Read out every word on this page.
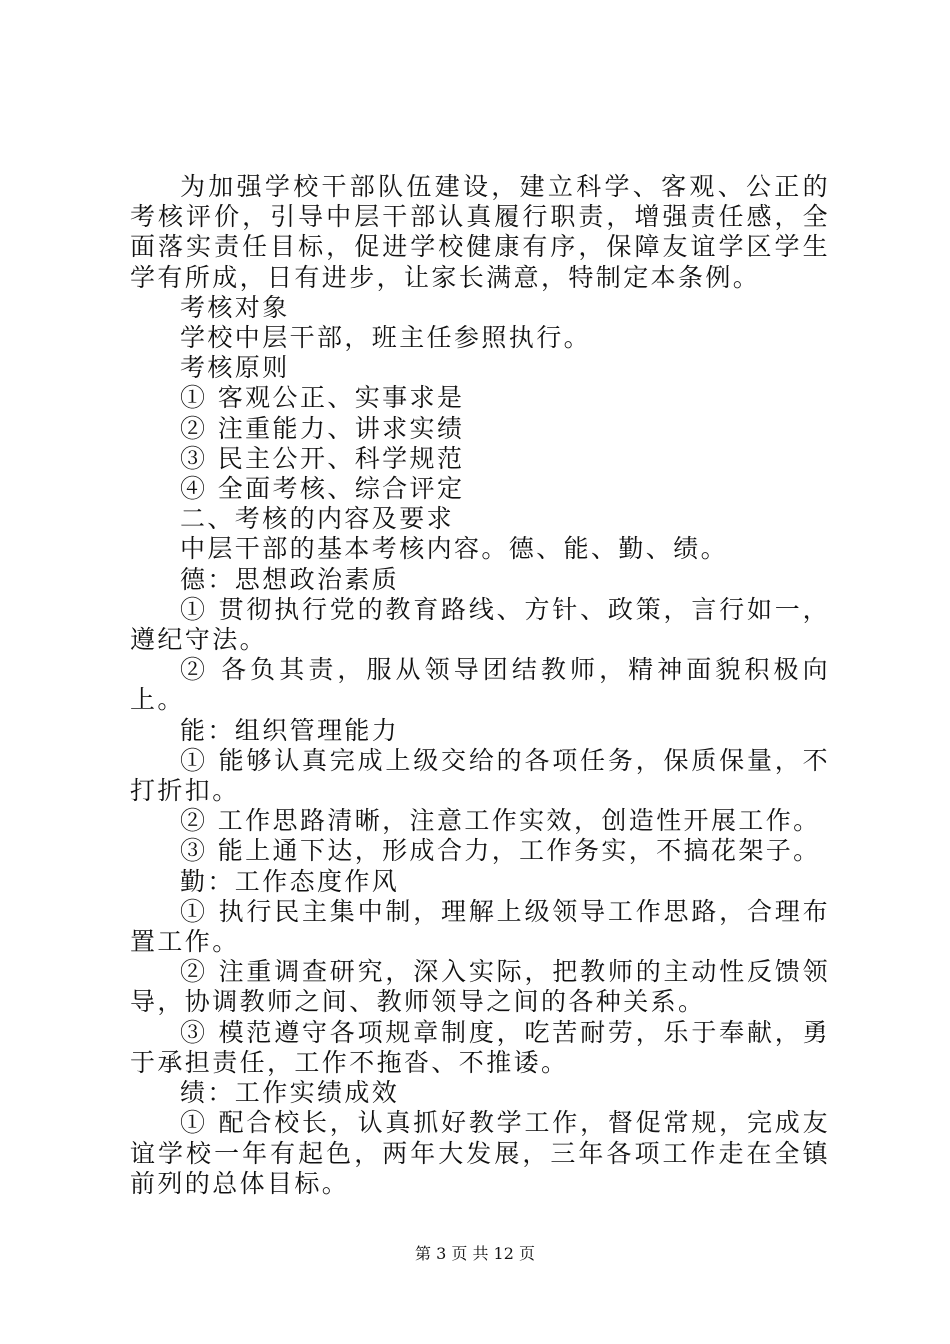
为加强学校干部队伍建设，建立科学、客观、公正的考核评价，引导中层干部认真履行职责，增强责任感，全面落实责任目标，促进学校健康有序，保障友谊学区学生学有所成，日有进步，让家长满意，特制定本条例。

考核对象

学校中层干部，班主任参照执行。

考核原则

① 客观公正、实事求是

② 注重能力、讲求实绩

③ 民主公开、科学规范

④ 全面考核、综合评定

二、考核的内容及要求

中层干部的基本考核内容。德、能、勤、绩。

德：思想政治素质

① 贯彻执行党的教育路线、方针、政策，言行如一，遵纪守法。

② 各负其责，服从领导团结教师，精神面貌积极向上。

能：组织管理能力

① 能够认真完成上级交给的各项任务，保质保量，不打折扣。

② 工作思路清晰，注意工作实效，创造性开展工作。

③ 能上通下达，形成合力，工作务实，不搞花架子。

勤：工作态度作风

① 执行民主集中制，理解上级领导工作思路，合理布置工作。

② 注重调查研究，深入实际，把教师的主动性反馈领导，协调教师之间、教师领导之间的各种关系。

③ 模范遵守各项规章制度，吃苦耐劳，乐于奉献，勇于承担责任，工作不拖沓、不推诿。

绩：工作实绩成效

① 配合校长，认真抓好教学工作，督促常规，完成友谊学校一年有起色，两年大发展，三年各项工作走在全镇前列的总体目标。

第 3 页 共 12 页
